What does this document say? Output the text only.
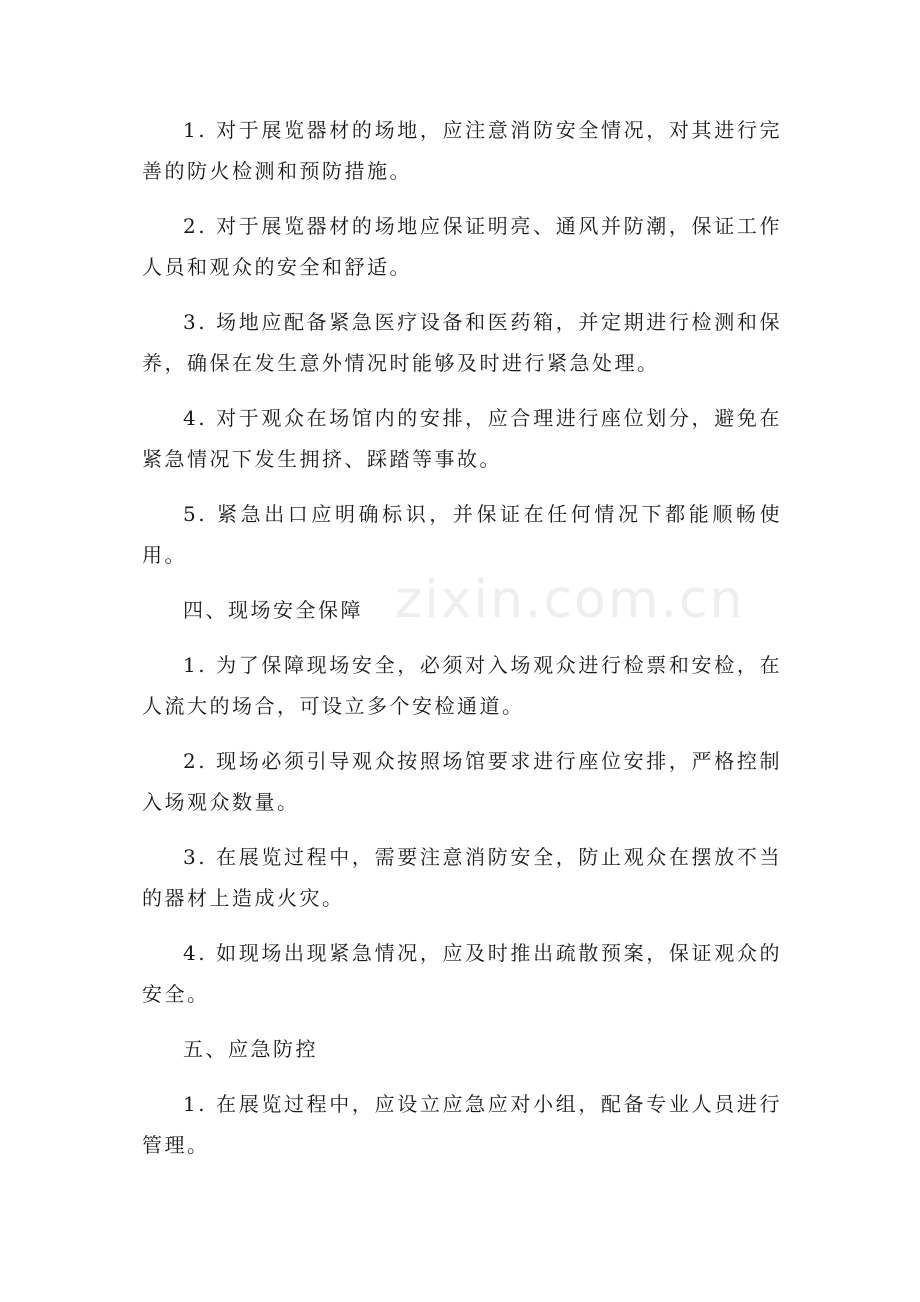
zixin.com.cn

1. 对于展览器材的场地，应注意消防安全情况，对其进行完善的防火检测和预防措施。

2. 对于展览器材的场地应保证明亮、通风并防潮，保证工作人员和观众的安全和舒适。

3. 场地应配备紧急医疗设备和医药箱，并定期进行检测和保养，确保在发生意外情况时能够及时进行紧急处理。

4. 对于观众在场馆内的安排，应合理进行座位划分，避免在紧急情况下发生拥挤、踩踏等事故。

5. 紧急出口应明确标识，并保证在任何情况下都能顺畅使用。

四、现场安全保障

1. 为了保障现场安全，必须对入场观众进行检票和安检，在人流大的场合，可设立多个安检通道。

2. 现场必须引导观众按照场馆要求进行座位安排，严格控制入场观众数量。

3. 在展览过程中，需要注意消防安全，防止观众在摆放不当的器材上造成火灾。

4. 如现场出现紧急情况，应及时推出疏散预案，保证观众的安全。

五、应急防控

1. 在展览过程中，应设立应急应对小组，配备专业人员进行管理。
